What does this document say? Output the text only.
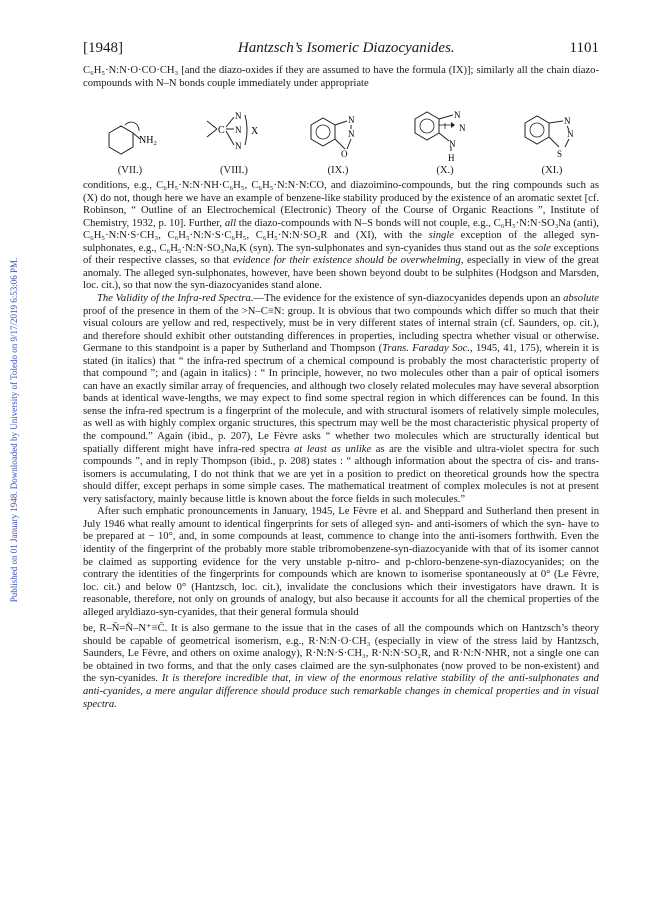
Published on 01 January 1948. Downloaded by University of Toledo on 9/17/2019 6:53:06 PM.
[1948]	Hantzsch’s Isomeric Diazocyanides.	1101

C₆H₅·N:N·O·CO·CH₃ [and the diazo-oxides if they are assumed to have the formula (IX)]; similarly all the chain diazo-compounds with N–N bonds couple immediately under appropriate

NH₂
(VII.)
C
N
N
N
X
(VIII.)
N
N
O
(IX.)
N
N
N
H
(X.)
N
N
S
(XI.)

conditions, e.g., C₆H₅·N:N·NH·C₆H₅, C₆H₅·N:N·N:CO, and diazoimino-compounds, but the ring compounds such as (X) do not, though here we have an example of benzene-like stability produced by the existence of an aromatic sextet [cf. Robinson, “ Outline of an Electrochemical (Electronic) Theory of the Course of Organic Reactions ”, Institute of Chemistry, 1932, p. 10]. Further, all the diazo-compounds with N–S bonds will not couple, e.g., C₆H₅·N:N·SO₃Na (anti), C₆H₅·N:N·S·CH₃, C₆H₅·N:N·S·C₆H₅, C₆H₅·N:N·SO₂R and (XI), with the single exception of the alleged syn-sulphonates, e.g., C₆H₅·N:N·SO₃Na,K (syn). The syn-sulphonates and syn-cyanides thus stand out as the sole exceptions of their respective classes, so that evidence for their existence should be overwhelming, especially in view of the great anomaly. The alleged syn-sulphonates, however, have been shown beyond doubt to be sulphites (Hodgson and Marsden, loc. cit.), so that now the syn-diazocyanides stand alone.

The Validity of the Infra-red Spectra.—The evidence for the existence of syn-diazocyanides depends upon an absolute proof of the presence in them of the >N–C≡N: group. It is obvious that two compounds which differ so much that their visual colours are yellow and red, respectively, must be in very different states of internal strain (cf. Saunders, op. cit.), and therefore should exhibit other outstanding differences in properties, including spectra whether visual or otherwise. Germane to this standpoint is a paper by Sutherland and Thompson (Trans. Faraday Soc., 1945, 41, 175), wherein it is stated (in italics) that “ the infra-red spectrum of a chemical compound is probably the most characteristic property of that compound ”; and (again in italics) : “ In principle, however, no two molecules other than a pair of optical isomers can have an exactly similar array of frequencies, and although two closely related molecules may have several absorption bands at identical wave-lengths, we may expect to find some spectral region in which differences can be found. In this sense the infra-red spectrum is a fingerprint of the molecule, and with structural isomers of relatively simple molecules, as well as with highly complex organic structures, this spectrum may well be the most characteristic physical property of the compound.” Again (ibid., p. 207), Le Fèvre asks “ whether two molecules which are structurally identical but spatially different might have infra-red spectra at least as unlike as are the visible and ultra-violet spectra for such compounds ”, and in reply Thompson (ibid., p. 208) states : “ although information about the spectra of cis- and trans-isomers is accumulating, I do not think that we are yet in a position to predict on theoretical grounds how the spectra should differ, except perhaps in some simple cases. The mathematical treatment of complex molecules is not at present very satisfactory, mainly because little is known about the force fields in such molecules.”

After such emphatic pronouncements in January, 1945, Le Fèvre et al. and Sheppard and Sutherland then present in July 1946 what really amount to identical fingerprints for sets of alleged syn- and anti-isomers of which the syn- have to be prepared at − 10°, and, in some compounds at least, commence to change into the anti-isomers forthwith. Even the identity of the fingerprint of the probably more stable tribromobenzene-syn-diazocyanide with that of its isomer cannot be claimed as supporting evidence for the very unstable p-nitro- and p-chloro-benzene-syn-diazocyanides; on the contrary the identities of the fingerprints for compounds which are known to isomerise spontaneously at 0° (Le Fèvre, loc. cit.) and below 0° (Hantzsch, loc. cit.), invalidate the conclusions which their investigators have drawn. It is reasonable, therefore, not only on grounds of analogy, but also because it accounts for all the chemical properties of the alleged aryldiazo-syn-cyanides, that their general formula should

be, R–N̄=N̈–N⁺≡C̄. It is also germane to the issue that in the cases of all the compounds which on Hantzsch’s theory should be capable of geometrical isomerism, e.g., R·N:N·O·CH₃ (especially in view of the stress laid by Hantzsch, Saunders, Le Fèvre, and others on oxime analogy), R·N:N·S·CH₃, R·N:N·SO₂R, and R·N:N·NHR, not a single one can be obtained in two forms, and that the only cases claimed are the syn-sulphonates (now proved to be non-existent) and the syn-cyanides. It is therefore incredible that, in view of the enormous relative stability of the anti-sulphonates and anti-cyanides, a mere angular difference should produce such remarkable changes in chemical properties and in visual spectra.
